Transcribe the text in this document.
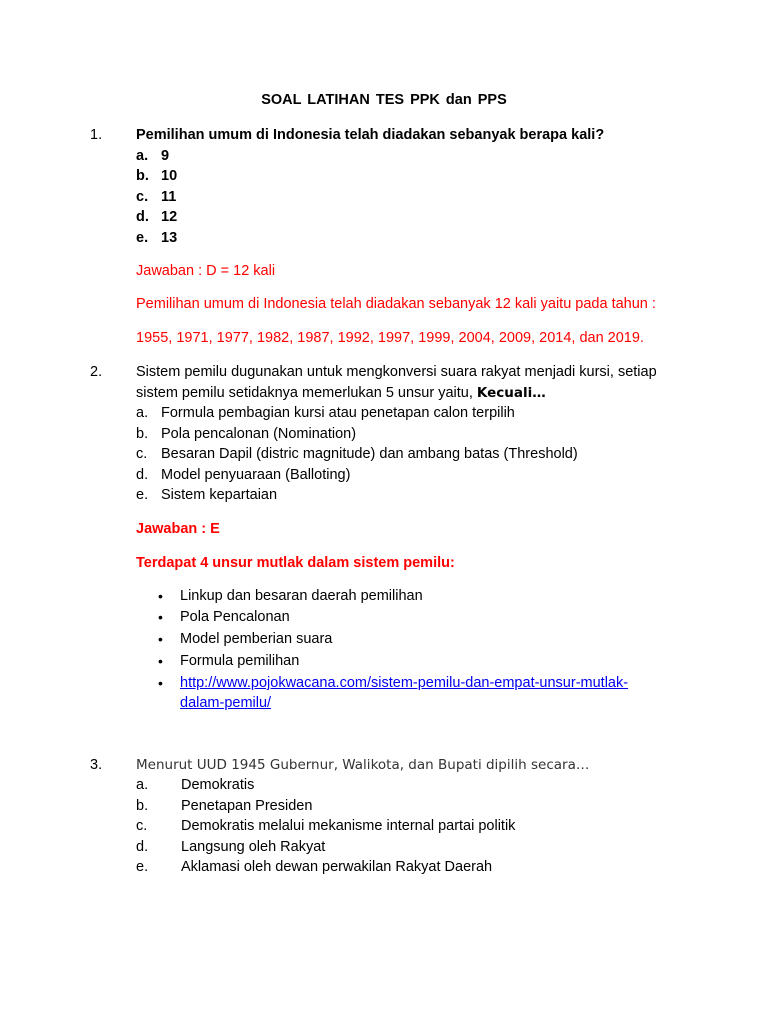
SOAL LATIHAN TES PPK dan PPS
1. Pemilihan umum di Indonesia telah diadakan sebanyak berapa kali?
a. 9
b. 10
c. 11
d. 12
e. 13
Jawaban : D = 12 kali
Pemilihan umum di Indonesia telah diadakan sebanyak 12 kali yaitu pada tahun :
1955, 1971, 1977, 1982, 1987, 1992, 1997, 1999, 2004, 2009, 2014, dan 2019.
2. Sistem pemilu dugunakan untuk mengkonversi suara rakyat menjadi kursi, setiap
sistem pemilu setidaknya memerlukan 5 unsur yaitu, Kecuali…
a. Formula pembagian kursi atau penetapan calon terpilih
b. Pola pencalonan (Nomination)
c. Besaran Dapil (distric magnitude) dan ambang batas (Threshold)
d. Model penyuaraan (Balloting)
e. Sistem kepartaian
Jawaban : E
Terdapat 4 unsur mutlak dalam sistem pemilu:
• Linkup dan besaran daerah pemilihan
• Pola Pencalonan
• Model pemberian suara
• Formula pemilihan
• http://www.pojokwacana.com/sistem-pemilu-dan-empat-unsur-mutlak-
dalam-pemilu/
3.	Menurut UUD 1945 Gubernur, Walikota, dan Bupati dipilih secara…
a. Demokratis
b. Penetapan Presiden
c. Demokratis melalui mekanisme internal partai politik
d. Langsung oleh Rakyat
e. Aklamasi oleh dewan perwakilan Rakyat Daerah
